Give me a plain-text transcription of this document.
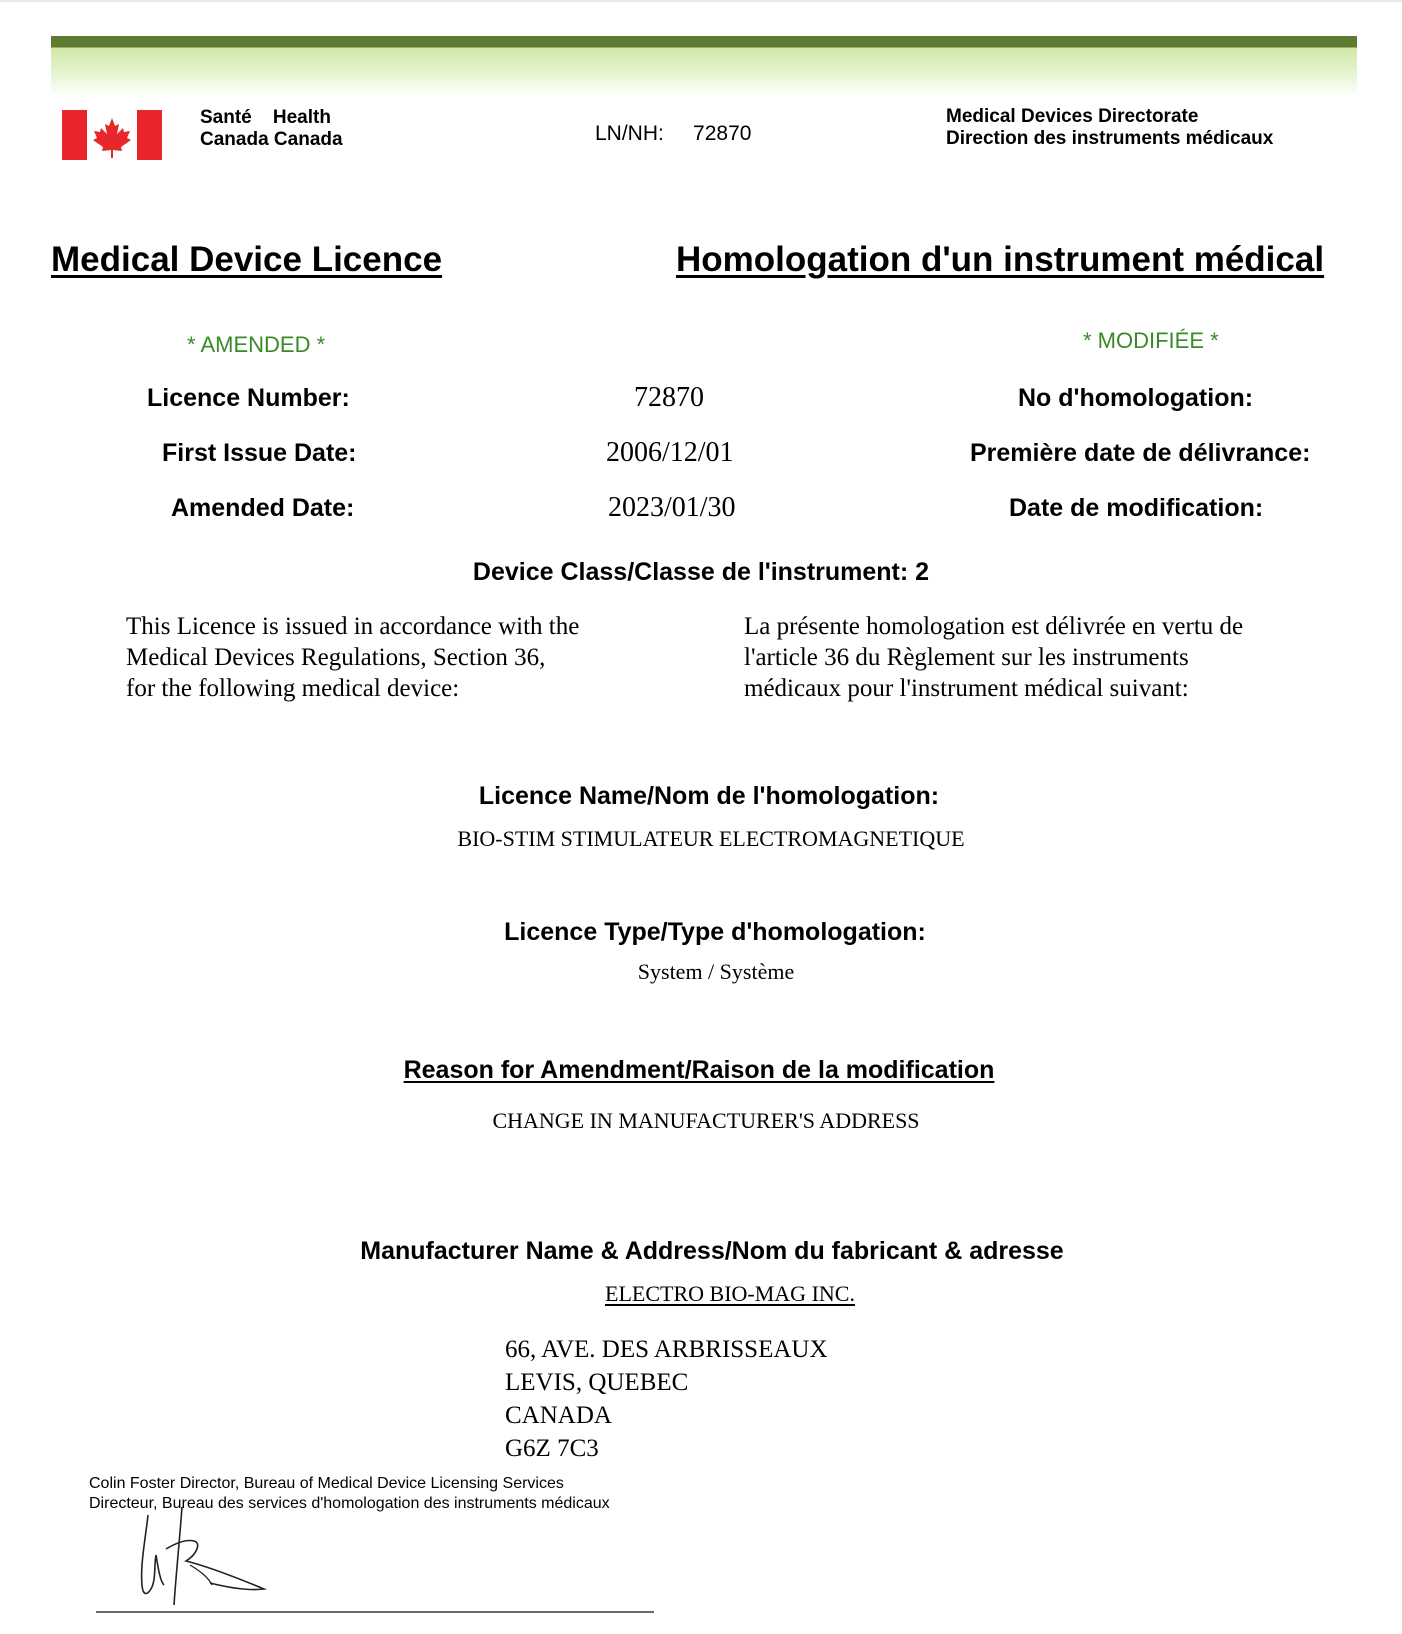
Santé Health
Canada Canada	LN/NH: 72870
Medical Devices Directorate
Direction des instruments médicaux
Medical Device Licence	Homologation d'un instrument médical
* AMENDED *	* MODIFIÉE *
Licence Number:	72870	No d'homologation:
First Issue Date:	2006/12/01	Première date de délivrance:
Amended Date:	2023/01/30	Date de modification:
Device Class/Classe de l'instrument: 2
This Licence is issued in accordance with the
Medical Devices Regulations, Section 36,
for the following medical device:
La présente homologation est délivrée en vertu de
l'article 36 du Règlement sur les instruments
médicaux pour l'instrument médical suivant:
Licence Name/Nom de l'homologation:
BIO-STIM STIMULATEUR ELECTROMAGNETIQUE
Licence Type/Type d'homologation:
System / Système
Reason for Amendment/Raison de la modification
CHANGE IN MANUFACTURER'S ADDRESS
Manufacturer Name & Address/Nom du fabricant & adresse
ELECTRO BIO-MAG INC.
66, AVE. DES ARBRISSEAUX
LEVIS, QUEBEC
CANADA
G6Z 7C3
Colin Foster Director, Bureau of Medical Device Licensing Services
Directeur, Bureau des services d'homologation des instruments médicaux
